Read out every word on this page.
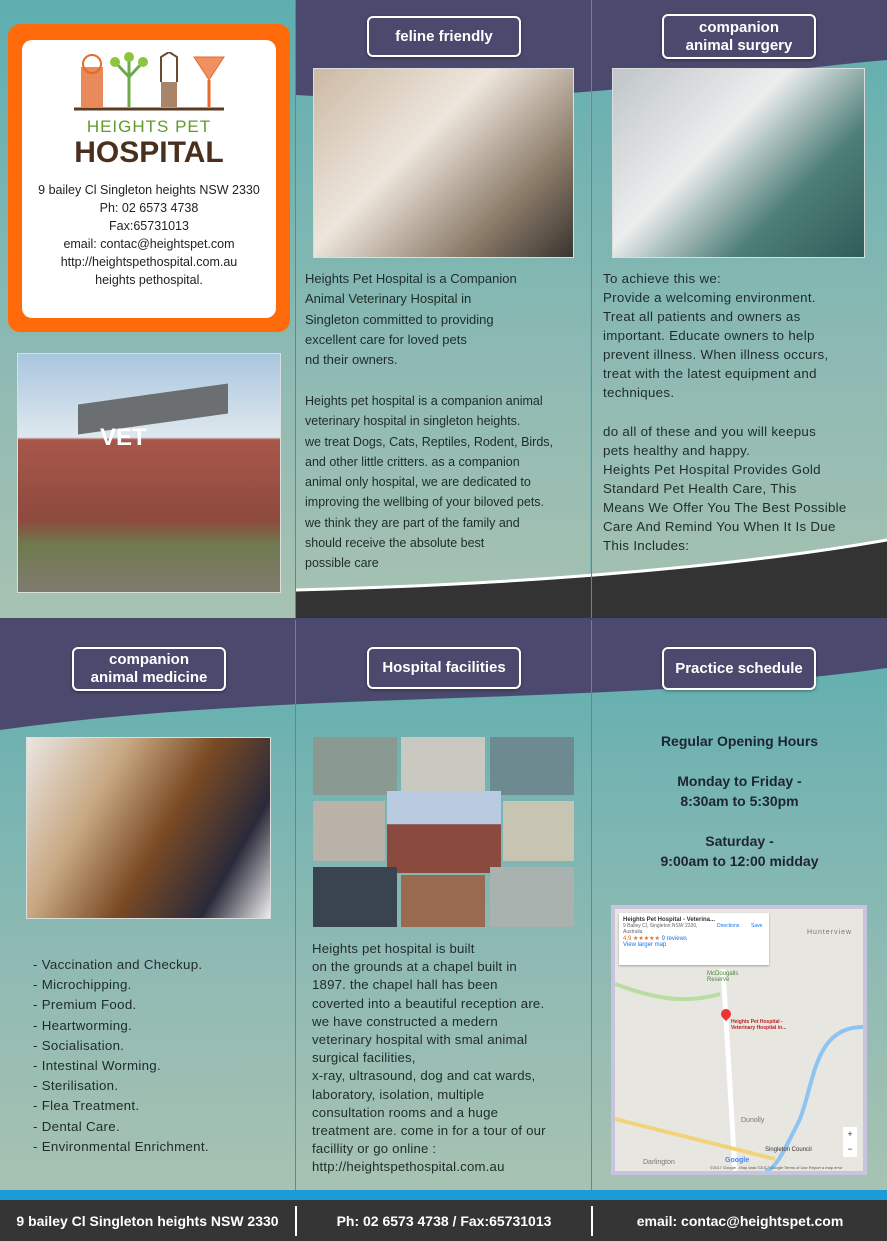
HEIGHTS PET
HOSPITAL
9 bailey Cl Singleton heights NSW 2330
Ph: 02 6573 4738
Fax:65731013
email: contac@heightspet.com
http://heightspethospital.com.au
heights pethospital.
VET
feline friendly
companion
animal surgery
Heights Pet Hospital is a Companion
Animal Veterinary Hospital in
Singleton committed to providing
excellent care for loved pets
nd their owners.
Heights pet hospital is a companion animal
veterinary hospital in singleton heights.
we treat Dogs, Cats, Reptiles, Rodent, Birds,
and other little critters. as a companion
animal only hospital, we are dedicated to
improving the wellbing of your biloved pets.
we think they are part of the family and
should receive the absolute best
possible care
To achieve this we:
Provide a welcoming environment.
Treat all patients and owners as
important. Educate owners to help
prevent illness. When illness occurs,
treat with the latest equipment and
techniques.
do all of these and you will keepus
pets healthy and happy.
Heights Pet Hospital Provides Gold
Standard Pet Health Care, This
Means We Offer You The Best Possible
Care And Remind You When It Is Due
This Includes:
companion
animal medicine
Hospital facilities	Practice schedule
- Vaccination and Checkup.
- Microchipping.
- Premium Food.
- Heartworming.
- Socialisation.
- Intestinal Worming.
- Sterilisation.
- Flea Treatment.
- Dental Care.
- Environmental Enrichment.
Heights pet hospital is built
on the grounds at a chapel built in
1897. the chapel hall has been
coverted into a beautiful reception are.
we have constructed a medern
veterinary hospital with smal animal
surgical facilities,
x-ray, ultrasound, dog and cat wards,
laboratory, isolation, multiple
consultation rooms and a huge
treatment are. come in for a tour of our
facillity or go online :
http://heightspethospital.com.au
Regular Opening Hours
Monday to Friday -
8:30am to 5:30pm
Saturday -
9:00am to 12:00 midday
Heights Pet Hospital - Veterina...
9 Bailey Cl, Singleton NSW 2330, Australia
4.9 ★★★★★ 9 reviews
View larger map
Directions Save
Hunterview
McDougalls Reserve
Dunolly
Darlington
Singleton Council
Heights Pet Hospital - Veterinary Hospital in...
+
−
Google
©2017 Google - Map data ©2017 Google Terms of Use Report a map error
9 bailey Cl Singleton heights NSW 2330	Ph: 02 6573 4738 / Fax:65731013	email: contac@heightspet.com
